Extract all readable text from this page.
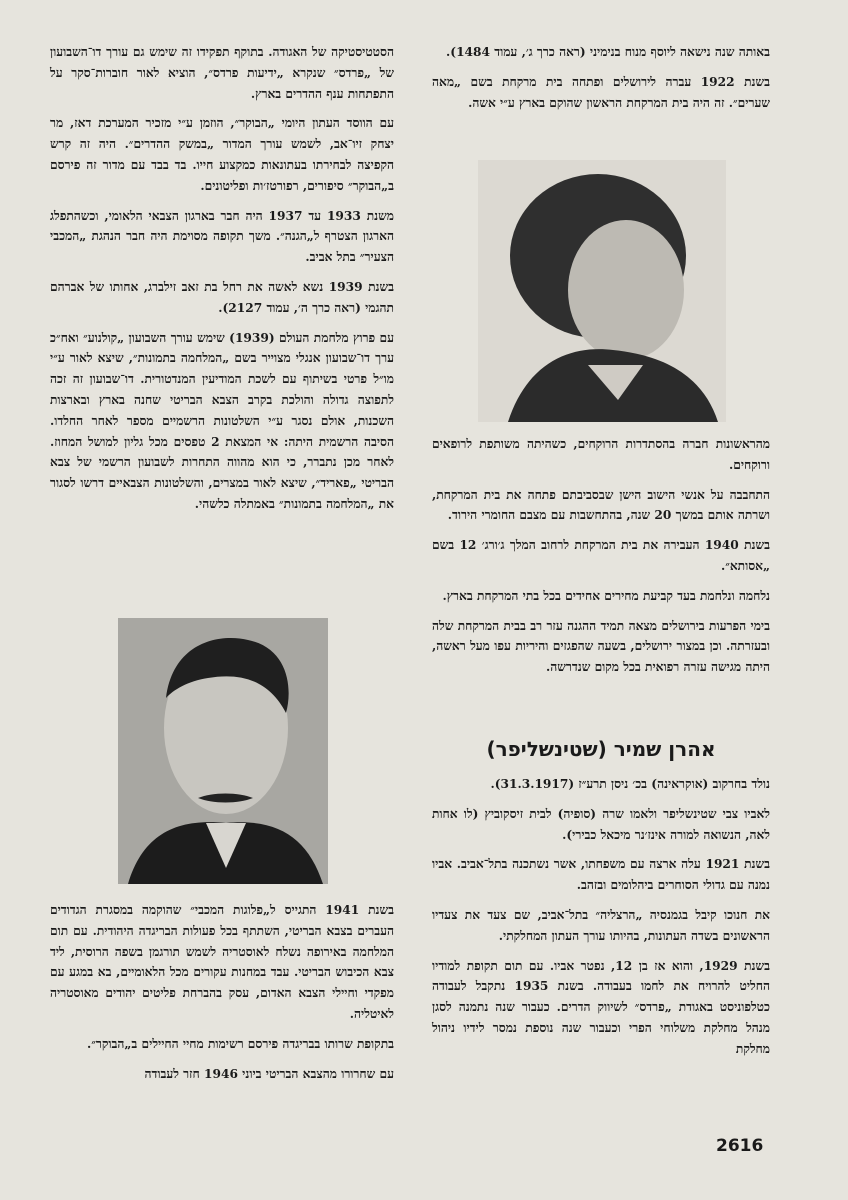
באותה שנה נישאה ליוסף מנוח בנימיני (ראה כרך ג׳, עמוד 1484).

בשנת 1922 עברה לירושלים ופתחה בית מרקחת בשם „מאה שערים״. זה היה בית המרקחת הראשון שהוקם בארץ ע״י אשה.

מהראשונות חברה בהסתדרות הרוקחים, כשהיתה משותפת לרופאים ורוקחים.

התחבבה על אנשי הישוב הישן שבסביבתם פתחה את בית המרקחת, ושרתה אותם במשך 20 שנה, בהתחשבות עם מצבם החומרי הירוד.

בשנת 1940 העבירה את בית המרקחת לרחוב המלך ג׳ורג׳ 12 בשם „אסותא״.

נלחמה ונלחמת בעד קביעת מחירים אחידים בכל בתי המרקחת בארץ.

בימי הפרעות בירושלים מצאה תמיד ההגנה עזר רב בבית המרקחת שלה ובעזרתה. וכן במצור ירושלים, בשעה שהפגזים והיריות עפו מעל ראשה, היתה מגישה עזרה רפואית בכל מקום שנדרשה.

אהרן שמיר (שטינשליפר)

נולד בחרקוב (אוקראינה) בכ׳ ניסן תרע״ז (31.3.1917).

לאביו צבי שטינשליפר ולאמו שרה (סופיה) לבית זיסקוביץ (לו אחות לאה, הנשואה למורה אינז׳נר מיכאל כבירי).

בשנת 1921 עלה ארצה עם משפחתו, אשר נשתכנה בתל־אביב. אביו נמנה עם גדולי הסוחרים ביהלומים ובזהב.

את חנוכו קיבל בגמנסיה „הרצליה״ בתל־אביב, שם צעד את צעדיו הראשונים בשדה העתונות, בהיותו עורך העתון המחלקתי.

בשנת 1929, והוא אז בן 12, נפטר אביו. עם תום תקופת למודיו החליט להרויח את לחמו בעבודה. בשנת 1935 נתקבל לעבודה כטלפוניסט באגודת „פרדס״ לשיווק הדרים. כעבור שנה נתמנה לסגן מנהל מחלקת משלוחי הפרי וכעבור שנה נוספת נמסר לידיו ניהול מחלקת

הסטטיסטיקה של האגודה. בתוקף תפקידו זה שימש גם עורך דו־השבועון של „פרדס״ שנקרא „ידיעות פרדס״, הוציא לאור חוברות־סקר על התפתחות ענף ההדרים בארץ.

עם הווסד העתון היומי „הבוקר״, הוזמן ע״י מזכיר המערכת דאז, מר יצחק זיו־אב, לשמש עורך המדור „במשק ההדרים״. היה זה קרש הקפיצה לבחירתו בעתונאות כמקצוע חייו. בד בבד עם מדור זה פירסם ב„הבוקר״ סיפורים, רפורטז׳ות ופליטונים.

משנת 1933 עד 1937 היה חבר בארגון הצבאי הלאומי, וכשהתפלג הארגון הצטרף ל„הגנה״. משך תקופה מסוימת היה חבר הנהגת „המכבי הצעיר״ בתל אביב.

בשנת 1939 נשא לאשה את רחל בת זאב זילברג, אחותו של אברהם תהגמי (ראה כרך ה׳, עמוד 2127).

עם פרוץ מלחמת העולם (1939) שימש עורך השבועון „קולנוע״ ואח״כ ערך דו־שבועון אנגלי מצוייר בשם „המלחמה בתמונות״, שיצא לאור ע״י מו״ל פרטי בשיתוף עם לשכת המודיעין המנדטורית. דו־שבועון זה זכה לתפוצה גדולה והולכת בקרב הצבא הבריטי שחנה בארץ ובארצות השכנות, אולם נסגר ע״י השלטונות הרשמיים מספר לאחר החלדו. הסיבה הרשמית היתה: אי המצאת 2 טפסים מכל גליון למושל המחוז. לאחר מכן נתברר, כי הוא מהווה התחרות לשבועון הרשמי של צבא הבריטי „פאריד״, שיצא לאור במצרים, והשלטונות הצבאיים דרשו לסגור את „המלחמה בתמונות״ באמתלה כלשהי.

בשנת 1941 התגייס ל„פלוגות המכבי״ שהוקמה במסגרת הגדודים העברים בצבא הבריטי, השתתף בכל פעולות הבריגדה היהודית. עם תום המלחמה באירופה נשלח לאוסטריה לשמש תורגמן בשפה הרוסית, ליד צבא הכיבוש הבריטי. עבד במחנות עקורים מכל הלאומיים, בא במגע עם מפקדי וחיילי הצבא האדום, עסק בהברחת פליטים יהודים מאוסטריה לאיטליה.

בתקופת שרותו בבריגדה פירסם רשימות מחיי החיילים ב„הבוקר״.

עם שחרורו מהצבא הבריטי ביוני 1946 חזר לעבודה

2616
